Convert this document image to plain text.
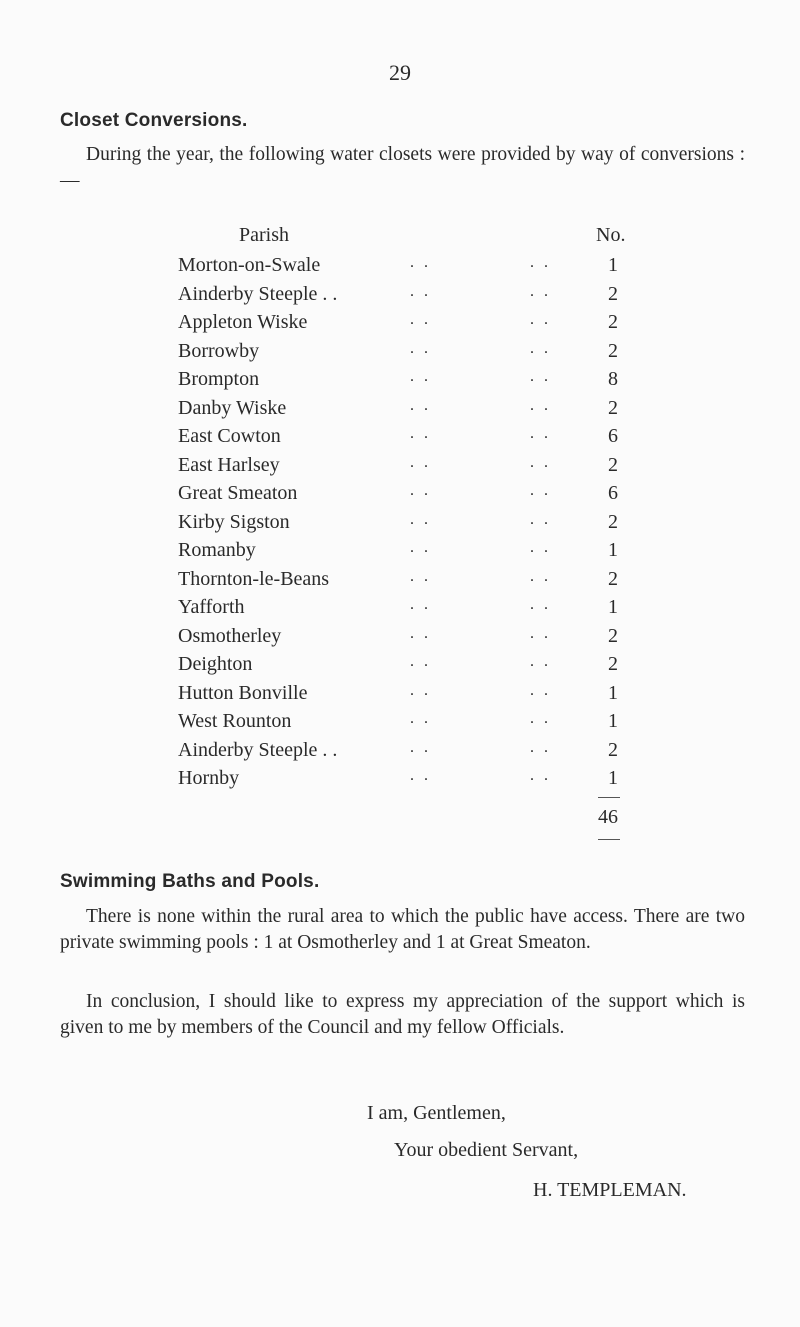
29
Closet Conversions.
During the year, the following water closets were provided by way of conversions :—
Parish	No.
. .	. .
Morton-on-Swale	1
. .	. .
Ainderby Steeple . .	2
. .	. .
Appleton Wiske	2
. .	. .
Borrowby	2
. .	. .
Brompton	8
. .	. .
Danby Wiske	2
. .	. .
East Cowton	6
. .	. .
East Harlsey	2
. .	. .
Great Smeaton	6
. .	. .
Kirby Sigston	2
. .	. .
Romanby	1
. .	. .
Thornton-le-Beans	2
. .	. .
Yafforth	1
. .	. .
Osmotherley	2
. .	. .
Deighton	2
. .	. .
Hutton Bonville	1
. .	. .
West Rounton	1
. .	. .
Ainderby Steeple . .	2
. .	. .
Hornby	1
46
Swimming Baths and Pools.
There is none within the rural area to which the public have access. There are two private swimming pools : 1 at Osmotherley and 1 at Great Smeaton.
In conclusion, I should like to express my appreciation of the support which is given to me by members of the Council and my fellow Officials.
I am, Gentlemen,
Your obedient Servant,
H. TEMPLEMAN.
